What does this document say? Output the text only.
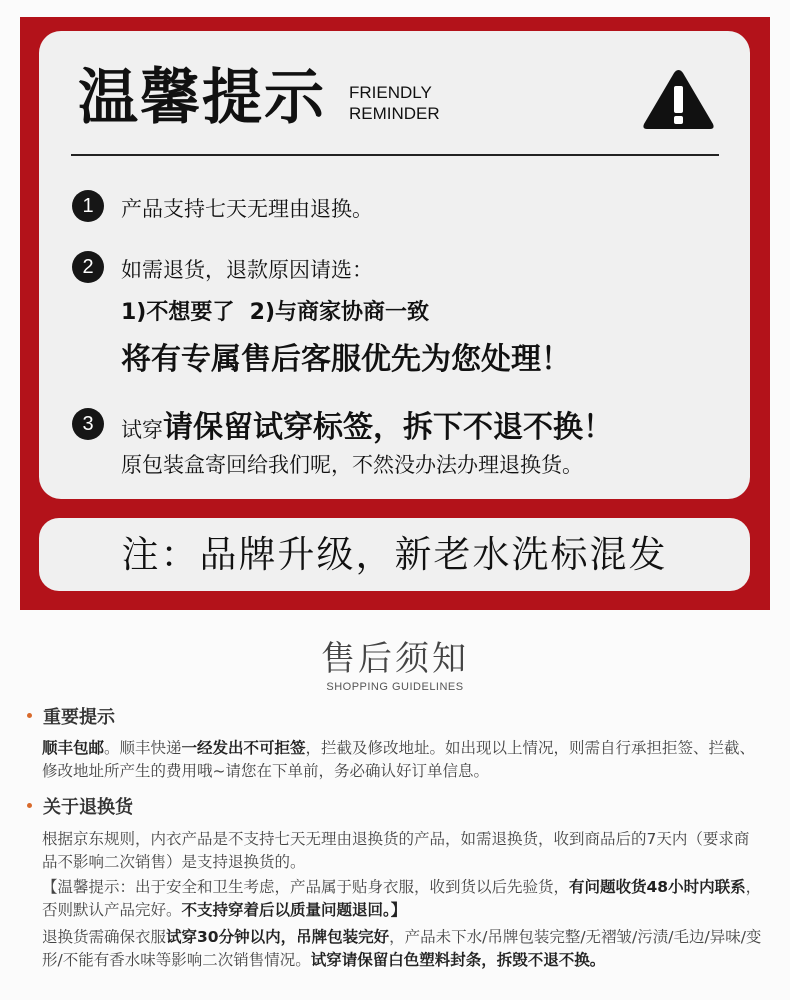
温馨提示 FRIENDLY
REMINDER
1	产品支持七天无理由退换。
2	如需退货，退款原因请选：
1)不想要了  2)与商家协商一致
将有专属售后客服优先为您处理！
3	试穿请保留试穿标签，拆下不退不换！
原包装盒寄回给我们呢，不然没办法办理退换货。
注：品牌升级，新老水洗标混发
售后须知
SHOPPING GUIDELINES
重要提示
顺丰包邮。顺丰快递一经发出不可拒签，拦截及修改地址。如出现以上情况，则需自行承担拒签、拦截、修改地址所产生的费用哦~请您在下单前，务必确认好订单信息。
关于退换货
根据京东规则，内衣产品是不支持七天无理由退换货的产品，如需退换货，收到商品后的7天内（要求商品不影响二次销售）是支持退换货的。
【温馨提示：出于安全和卫生考虑，产品属于贴身衣服，收到货以后先验货，有问题收货48小时内联系，否则默认产品完好。不支持穿着后以质量问题退回。】
退换货需确保衣服试穿30分钟以内，吊牌包装完好，产品未下水/吊牌包装完整/无褶皱/污渍/毛边/异味/变形/不能有香水味等影响二次销售情况。试穿请保留白色塑料封条，拆毁不退不换。
